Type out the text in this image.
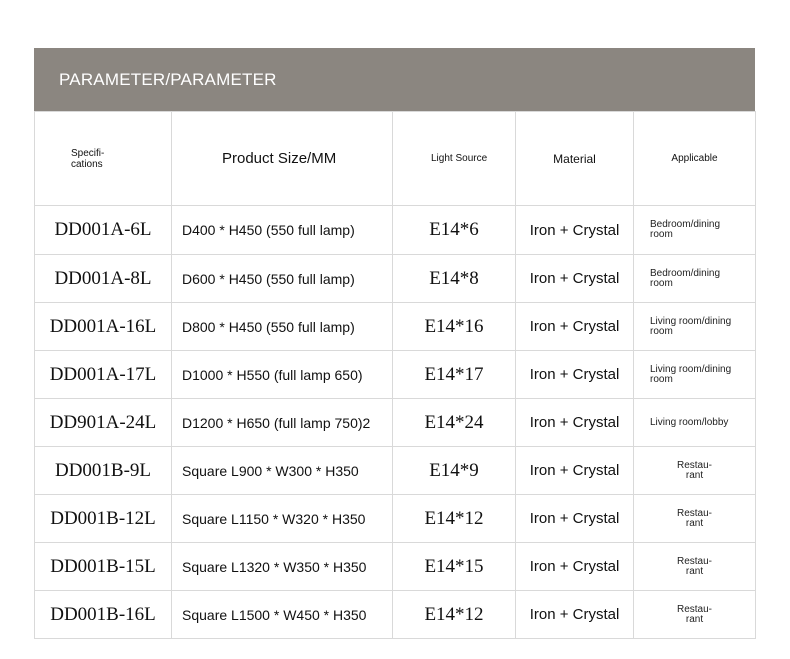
PARAMETER/PARAMETER
Specifi-
cations	Product Size/MM	Light Source	Material	Applicable
DD001A-6L	D400 * H450 (550 full lamp)	E14*6	Iron + Crystal	Bedroom/dining
room
DD001A-8L	D600 * H450 (550 full lamp)	E14*8	Iron + Crystal	Bedroom/dining
room
DD001A-16L	D800 * H450 (550 full lamp)	E14*16	Iron + Crystal	Living room/dining
room
DD001A-17L	D1000 * H550 (full lamp 650)	E14*17	Iron + Crystal	Living room/dining
room
DD901A-24L	D1200 * H650 (full lamp 750)2	E14*24	Iron + Crystal	Living room/lobby
DD001B-9L	Square L900 * W300 * H350	E14*9	Iron + Crystal	Restau-
rant
DD001B-12L	Square L1150 * W320 * H350	E14*12	Iron + Crystal	Restau-
rant
DD001B-15L	Square L1320 * W350 * H350	E14*15	Iron + Crystal	Restau-
rant
DD001B-16L	Square L1500 * W450 * H350	E14*12	Iron + Crystal	Restau-
rant
